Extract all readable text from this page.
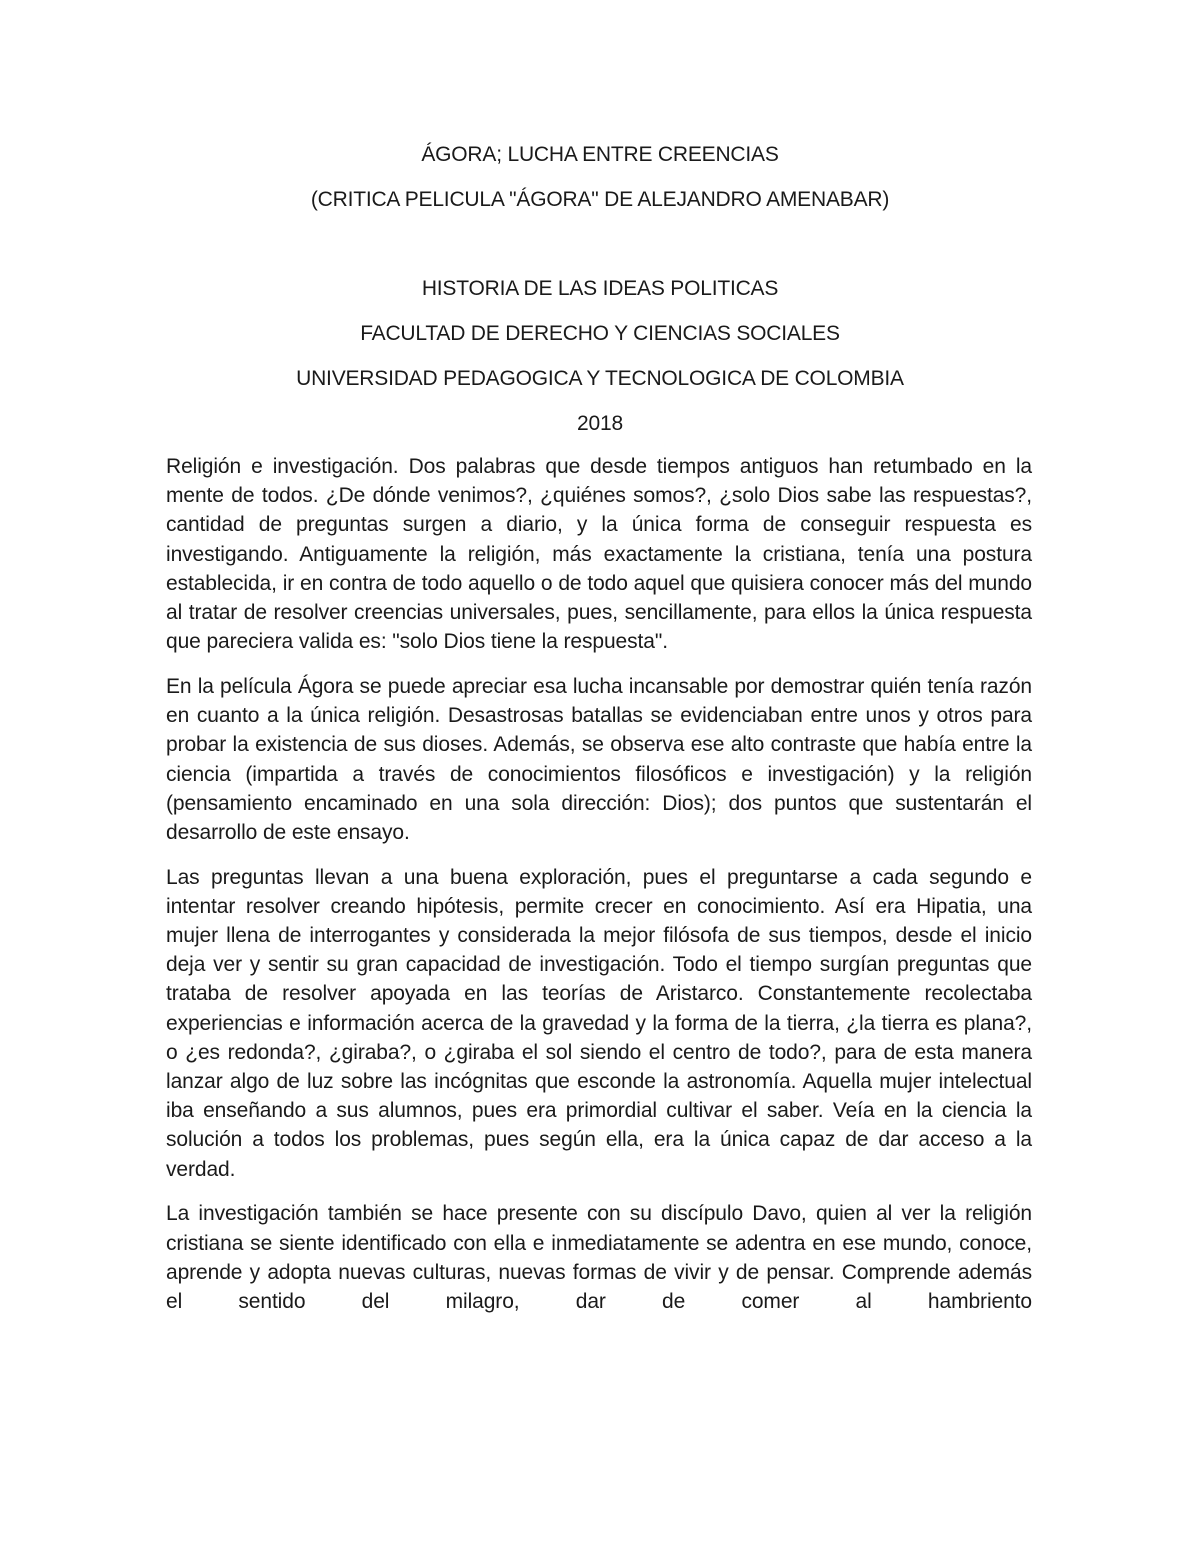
ÁGORA; LUCHA ENTRE CREENCIAS
(CRITICA PELICULA "ÁGORA" DE ALEJANDRO AMENABAR)
HISTORIA DE LAS IDEAS POLITICAS
FACULTAD DE DERECHO Y CIENCIAS SOCIALES
UNIVERSIDAD PEDAGOGICA Y TECNOLOGICA DE COLOMBIA
2018

Religión e investigación. Dos palabras que desde tiempos antiguos han retumbado en la mente de todos. ¿De dónde venimos?, ¿quiénes somos?, ¿solo Dios sabe las respuestas?, cantidad de preguntas surgen a diario, y la única forma de conseguir respuesta es investigando. Antiguamente la religión, más exactamente la cristiana, tenía una postura establecida, ir en contra de todo aquello o de todo aquel que quisiera conocer más del mundo al tratar de resolver creencias universales, pues, sencillamente, para ellos la única respuesta que pareciera valida es: "solo Dios tiene la respuesta".

En la película Ágora se puede apreciar esa lucha incansable por demostrar quién tenía razón en cuanto a la única religión. Desastrosas batallas se evidenciaban entre unos y otros para probar la existencia de sus dioses. Además, se observa ese alto contraste que había entre la ciencia (impartida a través de conocimientos filosóficos e investigación) y la religión (pensamiento encaminado en una sola dirección: Dios); dos puntos que sustentarán el desarrollo de este ensayo.

Las preguntas llevan a una buena exploración, pues el preguntarse a cada segundo e intentar resolver creando hipótesis, permite crecer en conocimiento. Así era Hipatia, una mujer llena de interrogantes y considerada la mejor filósofa de sus tiempos, desde el inicio deja ver y sentir su gran capacidad de investigación. Todo el tiempo surgían preguntas que trataba de resolver apoyada en las teorías de Aristarco. Constantemente recolectaba experiencias e información acerca de la gravedad y la forma de la tierra, ¿la tierra es plana?, o ¿es redonda?, ¿giraba?, o ¿giraba el sol siendo el centro de todo?, para de esta manera lanzar algo de luz sobre las incógnitas que esconde la astronomía. Aquella mujer intelectual iba enseñando a sus alumnos, pues era primordial cultivar el saber. Veía en la ciencia la solución a todos los problemas, pues según ella, era la única capaz de dar acceso a la verdad.

La investigación también se hace presente con su discípulo Davo, quien al ver la religión cristiana se siente identificado con ella e inmediatamente se adentra en ese mundo, conoce, aprende y adopta nuevas culturas, nuevas formas de vivir y de pensar. Comprende además el sentido del milagro, dar de comer al hambriento
